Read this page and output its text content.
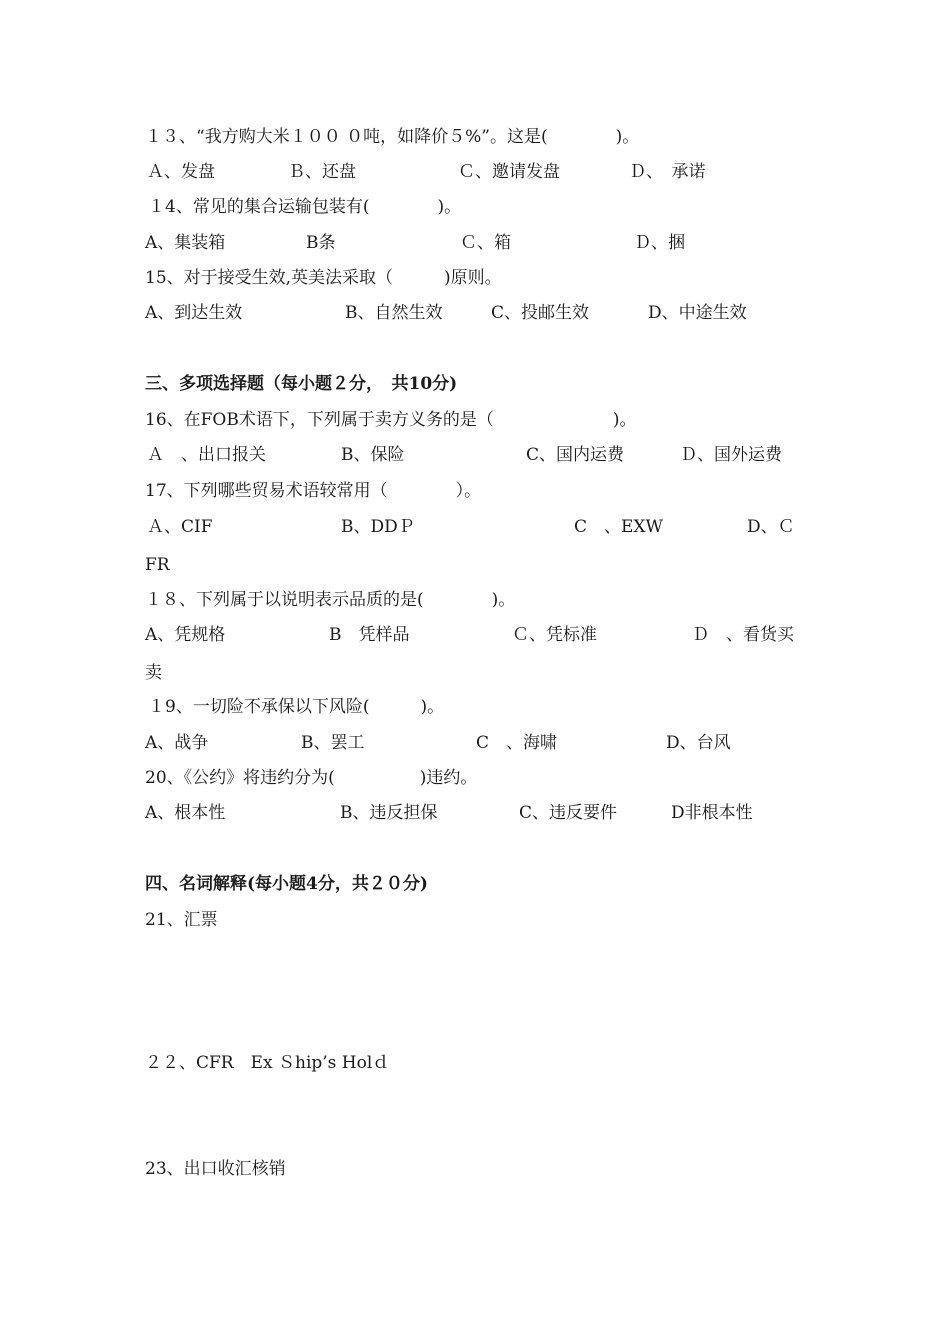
１３、“我方购大米１００ ０吨，如降价５%”。这是(　　　　)。

Ａ、发盘

	Ｂ、还盘

	Ｃ、邀请发盘

	Ｄ、　承诺

１4、常见的集合运输包装有(　　　　)。

A、集装箱

	B条

	Ｃ、箱

	Ｄ、捆

15、对于接受生效,英美法采取（　　　)原则。

A、到达生效

	B、自然生效

	C、投邮生效

	D、中途生效

三、多项选择题（每小题２分，　共10分)

16、在FOB术语下，下列属于卖方义务的是（　　　　　　　)。

Ａ　、出口报关

	B、保险

	C、国内运费

	Ｄ、国外运费

17、下列哪些贸易术语较常用（　　　　）。

Ａ、CIF

	B、DDＰ

	C　、EXW

	D、Ｃ

FR

１８、下列属于以说明表示品质的是(　　　　)。

A、凭规格

	B　凭样品

	Ｃ、凭标准

	Ｄ　、看货买

卖

１9、一切险不承保以下风险(　　　)。

A、战争

	B、罢工

	C　、海啸

	D、台风

20、《公约》将违约分为(　　　　　)违约。

A、根本性

	B、违反担保

	C、违反要件

	D非根本性

四、名词解释(每小题4分，共２０分)

21、汇票

２２、CFR　Ex Ｓhip’s Holｄ

23、出口收汇核销
